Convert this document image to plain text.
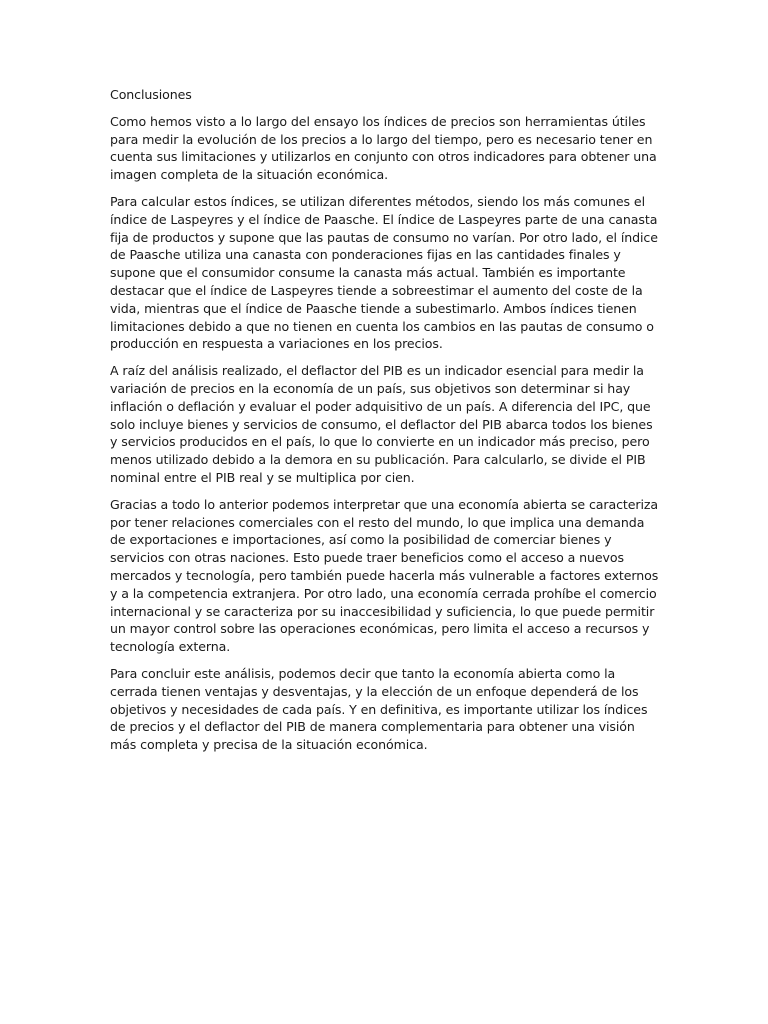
Conclusiones

Como hemos visto a lo largo del ensayo los índices de precios son herramientas útiles para medir la evolución de los precios a lo largo del tiempo, pero es necesario tener en cuenta sus limitaciones y utilizarlos en conjunto con otros indicadores para obtener una imagen completa de la situación económica.

Para calcular estos índices, se utilizan diferentes métodos, siendo los más comunes el índice de Laspeyres y el índice de Paasche. El índice de Laspeyres parte de una canasta fija de productos y supone que las pautas de consumo no varían. Por otro lado, el índice de Paasche utiliza una canasta con ponderaciones fijas en las cantidades finales y supone que el consumidor consume la canasta más actual. También es importante destacar que el índice de Laspeyres tiende a sobreestimar el aumento del coste de la vida, mientras que el índice de Paasche tiende a subestimarlo. Ambos índices tienen limitaciones debido a que no tienen en cuenta los cambios en las pautas de consumo o producción en respuesta a variaciones en los precios.

A raíz del análisis realizado, el deflactor del PIB es un indicador esencial para medir la variación de precios en la economía de un país, sus objetivos son determinar si hay inflación o deflación y evaluar el poder adquisitivo de un país. A diferencia del IPC, que solo incluye bienes y servicios de consumo, el deflactor del PIB abarca todos los bienes y servicios producidos en el país, lo que lo convierte en un indicador más preciso, pero menos utilizado debido a la demora en su publicación. Para calcularlo, se divide el PIB nominal entre el PIB real y se multiplica por cien.

Gracias a todo lo anterior podemos interpretar que una economía abierta se caracteriza por tener relaciones comerciales con el resto del mundo, lo que implica una demanda de exportaciones e importaciones, así como la posibilidad de comerciar bienes y servicios con otras naciones. Esto puede traer beneficios como el acceso a nuevos mercados y tecnología, pero también puede hacerla más vulnerable a factores externos y a la competencia extranjera. Por otro lado, una economía cerrada prohíbe el comercio internacional y se caracteriza por su inaccesibilidad y suficiencia, lo que puede permitir un mayor control sobre las operaciones económicas, pero limita el acceso a recursos y tecnología externa.

Para concluir este análisis, podemos decir que tanto la economía abierta como la cerrada tienen ventajas y desventajas, y la elección de un enfoque dependerá de los objetivos y necesidades de cada país. Y en definitiva, es importante utilizar los índices de precios y el deflactor del PIB de manera complementaria para obtener una visión más completa y precisa de la situación económica.
